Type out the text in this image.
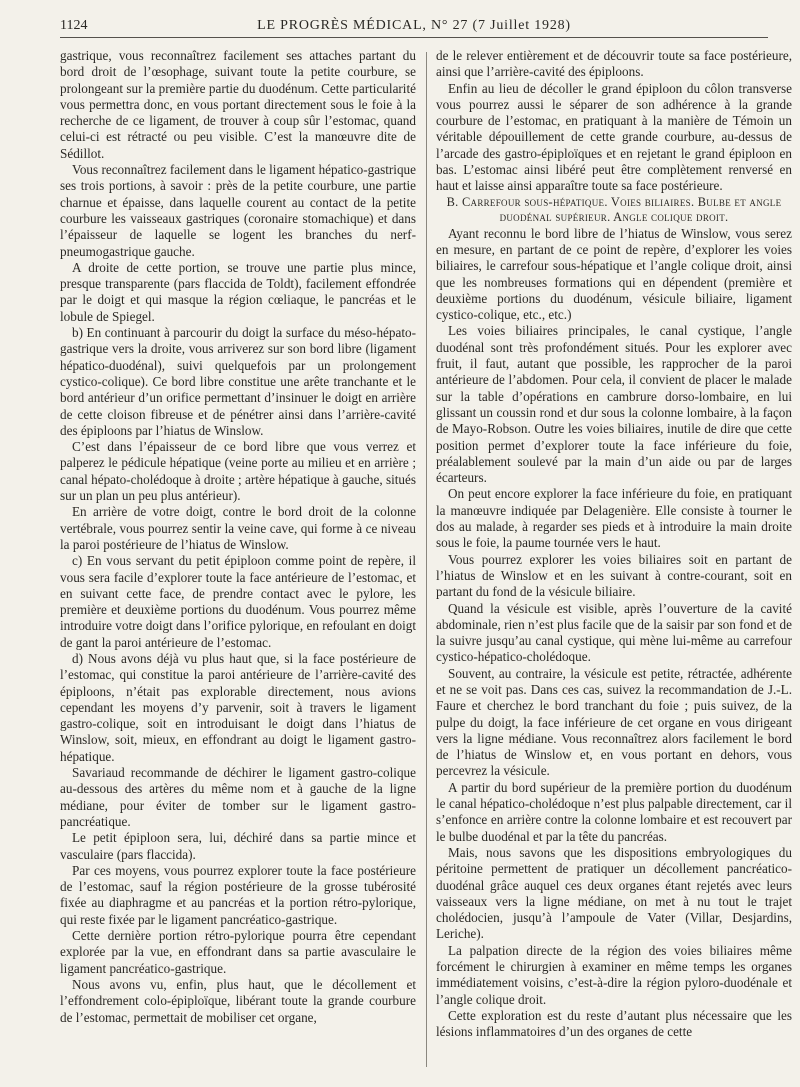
1124	LE PROGRÈS MÉDICAL, N° 27 (7 Juillet 1928)

gastrique, vous reconnaîtrez facilement ses attaches partant du bord droit de l’œsophage, suivant toute la petite courbure, se prolongeant sur la première partie du duodénum. Cette particularité vous permettra donc, en vous portant directement sous le foie à la recherche de ce ligament, de trouver à coup sûr l’estomac, quand celui-ci est rétracté ou peu visible. C’est la manœuvre dite de Sédillot.

Vous reconnaîtrez facilement dans le ligament hépatico-gastrique ses trois portions, à savoir : près de la petite courbure, une partie charnue et épaisse, dans laquelle courent au contact de la petite courbure les vaisseaux gastriques (coronaire stomachique) et dans l’épaisseur de laquelle se logent les branches du nerf-pneumogastrique gauche.

A droite de cette portion, se trouve une partie plus mince, presque transparente (pars flaccida de Toldt), facilement effondrée par le doigt et qui masque la région cœliaque, le pancréas et le lobule de Spiegel.

b) En continuant à parcourir du doigt la surface du méso-hépato-gastrique vers la droite, vous arriverez sur son bord libre (ligament hépatico-duodénal), suivi quelquefois par un prolongement cystico-colique). Ce bord libre constitue une arête tranchante et le bord antérieur d’un orifice permettant d’insinuer le doigt en arrière de cette cloison fibreuse et de pénétrer ainsi dans l’arrière-cavité des épiploons par l’hiatus de Winslow.

C’est dans l’épaisseur de ce bord libre que vous verrez et palperez le pédicule hépatique (veine porte au milieu et en arrière ; canal hépato-cholédoque à droite ; artère hépatique à gauche, situés sur un plan un peu plus antérieur).

En arrière de votre doigt, contre le bord droit de la colonne vertébrale, vous pourrez sentir la veine cave, qui forme à ce niveau la paroi postérieure de l’hiatus de Winslow.

c) En vous servant du petit épiploon comme point de repère, il vous sera facile d’explorer toute la face antérieure de l’estomac, et en suivant cette face, de prendre contact avec le pylore, les première et deuxième portions du duodénum. Vous pourrez même introduire votre doigt dans l’orifice pylorique, en refoulant en doigt de gant la paroi antérieure de l’estomac.

d) Nous avons déjà vu plus haut que, si la face postérieure de l’estomac, qui constitue la paroi antérieure de l’arrière-cavité des épiploons, n’était pas explorable directement, nous avions cependant les moyens d’y parvenir, soit à travers le ligament gastro-colique, soit en introduisant le doigt dans l’hiatus de Winslow, soit, mieux, en effondrant au doigt le ligament gastro-hépatique.

Savariaud recommande de déchirer le ligament gastro-colique au-dessous des artères du même nom et à gauche de la ligne médiane, pour éviter de tomber sur le ligament gastro-pancréatique.

Le petit épiploon sera, lui, déchiré dans sa partie mince et vasculaire (pars flaccida).

Par ces moyens, vous pourrez explorer toute la face postérieure de l’estomac, sauf la région postérieure de la grosse tubérosité fixée au diaphragme et au pancréas et la portion rétro-pylorique, qui reste fixée par le ligament pancréatico-gastrique.

Cette dernière portion rétro-pylorique pourra être cependant explorée par la vue, en effondrant dans sa partie avasculaire le ligament pancréatico-gastrique.

Nous avons vu, enfin, plus haut, que le décollement et l’effondrement colo-épiploïque, libérant toute la grande courbure de l’estomac, permettait de mobiliser cet organe,

de le relever entièrement et de découvrir toute sa face postérieure, ainsi que l’arrière-cavité des épiploons.

Enfin au lieu de décoller le grand épiploon du côlon transverse vous pourrez aussi le séparer de son adhérence à la grande courbure de l’estomac, en pratiquant à la manière de Témoin un véritable dépouillement de cette grande courbure, au-dessus de l’arcade des gastro-épiploïques et en rejetant le grand épiploon en bas. L’estomac ainsi libéré peut être complètement renversé en haut et laisse ainsi apparaître toute sa face postérieure.

B. Carrefour sous-hépatique. Voies biliaires. Bulbe et angle duodénal supérieur. Angle colique droit.

Ayant reconnu le bord libre de l’hiatus de Winslow, vous serez en mesure, en partant de ce point de repère, d’explorer les voies biliaires, le carrefour sous-hépatique et l’angle colique droit, ainsi que les nombreuses formations qui en dépendent (première et deuxième portions du duodénum, vésicule biliaire, ligament cystico-colique, etc., etc.)

Les voies biliaires principales, le canal cystique, l’angle duodénal sont très profondément situés. Pour les explorer avec fruit, il faut, autant que possible, les rapprocher de la paroi antérieure de l’abdomen. Pour cela, il convient de placer le malade sur la table d’opérations en cambrure dorso-lombaire, en lui glissant un coussin rond et dur sous la colonne lombaire, à la façon de Mayo-Robson. Outre les voies biliaires, inutile de dire que cette position permet d’explorer toute la face inférieure du foie, préalablement soulevé par la main d’un aide ou par de larges écarteurs.

On peut encore explorer la face inférieure du foie, en pratiquant la manœuvre indiquée par Delagenière. Elle consiste à tourner le dos au malade, à regarder ses pieds et à introduire la main droite sous le foie, la paume tournée vers le haut.

Vous pourrez explorer les voies biliaires soit en partant de l’hiatus de Winslow et en les suivant à contre-courant, soit en partant du fond de la vésicule biliaire.

Quand la vésicule est visible, après l’ouverture de la cavité abdominale, rien n’est plus facile que de la saisir par son fond et de la suivre jusqu’au canal cystique, qui mène lui-même au carrefour cystico-hépatico-cholédoque.

Souvent, au contraire, la vésicule est petite, rétractée, adhérente et ne se voit pas. Dans ces cas, suivez la recommandation de J.-L. Faure et cherchez le bord tranchant du foie ; puis suivez, de la pulpe du doigt, la face inférieure de cet organe en vous dirigeant vers la ligne médiane. Vous reconnaîtrez alors facilement le bord de l’hiatus de Winslow et, en vous portant en dehors, vous percevrez la vésicule.

A partir du bord supérieur de la première portion du duodénum le canal hépatico-cholédoque n’est plus palpable directement, car il s’enfonce en arrière contre la colonne lombaire et est recouvert par le bulbe duodénal et par la tête du pancréas.

Mais, nous savons que les dispositions embryologiques du péritoine permettent de pratiquer un décollement pancréatico-duodénal grâce auquel ces deux organes étant rejetés avec leurs vaisseaux vers la ligne médiane, on met à nu tout le trajet cholédocien, jusqu’à l’ampoule de Vater (Villar, Desjardins, Leriche).

La palpation directe de la région des voies biliaires même forcément le chirurgien à examiner en même temps les organes immédiatement voisins, c’est-à-dire la région pyloro-duodénale et l’angle colique droit.

Cette exploration est du reste d’autant plus nécessaire que les lésions inflammatoires d’un des organes de cette
